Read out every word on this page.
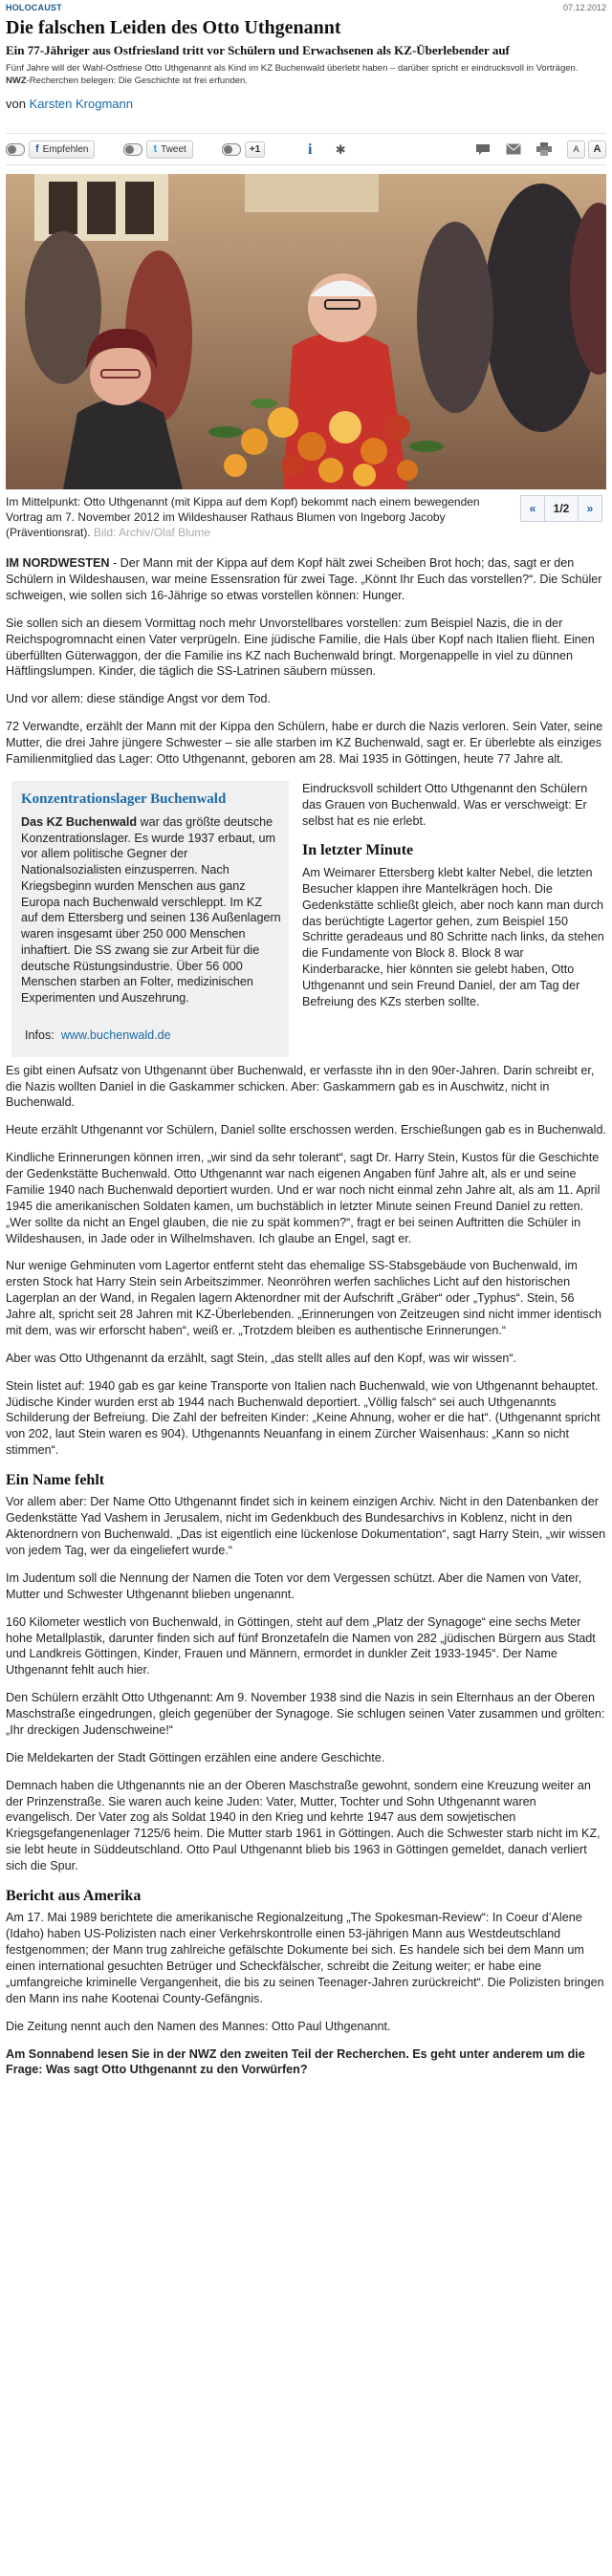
HOLOCAUST	07.12.2012
Die falschen Leiden des Otto Uthgenannt
Ein 77-Jähriger aus Ostfriesland tritt vor Schülern und Erwachsenen als KZ-Überlebender auf
Fünf Jahre will der Wahl-Ostfriese Otto Uthgenannt als Kind im KZ Buchenwald überlebt haben – darüber spricht er eindrucksvoll in Vorträgen.
NWZ-Recherchen belegen: Die Geschichte ist frei erfunden.
von Karsten Krogmann
f Empfehlen	t Tweet	+1	i	✱	A	A
Im Mittelpunkt: Otto Uthgenannt (mit Kippa auf dem Kopf) bekommt nach einem bewegenden Vortrag am 7. November 2012 im Wildeshauser Rathaus Blumen von Ingeborg Jacoby (Präventionsrat). Bild: Archiv/Olaf Blume
«	1/2	»

IM NORDWESTEN - Der Mann mit der Kippa auf dem Kopf hält zwei Scheiben Brot hoch; das, sagt er den Schülern in Wildeshausen, war meine Essensration für zwei Tage. „Könnt Ihr Euch das vorstellen?“. Die Schüler schweigen, wie sollen sich 16-Jährige so etwas vorstellen können: Hunger.

Sie sollen sich an diesem Vormittag noch mehr Unvorstellbares vorstellen: zum Beispiel Nazis, die in der Reichspogromnacht einen Vater verprügeln. Eine jüdische Familie, die Hals über Kopf nach Italien flieht. Einen überfüllten Güterwaggon, der die Familie ins KZ nach Buchenwald bringt. Morgenappelle in viel zu dünnen Häftlingslumpen. Kinder, die täglich die SS-Latrinen säubern müssen.

Und vor allem: diese ständige Angst vor dem Tod.

72 Verwandte, erzählt der Mann mit der Kippa den Schülern, habe er durch die Nazis verloren. Sein Vater, seine Mutter, die drei Jahre jüngere Schwester – sie alle starben im KZ Buchenwald, sagt er. Er überlebte als einziges Familienmitglied das Lager: Otto Uthgenannt, geboren am 28. Mai 1935 in Göttingen, heute 77 Jahre alt.

Konzentrationslager Buchenwald

Das KZ Buchenwald war das größte deutsche Konzentrationslager. Es wurde 1937 erbaut, um vor allem politische Gegner der Nationalsozialisten einzusperren. Nach Kriegsbeginn wurden Menschen aus ganz Europa nach Buchenwald verschleppt. Im KZ auf dem Ettersberg und seinen 136 Außenlagern waren insgesamt über 250 000 Menschen inhaftiert. Die SS zwang sie zur Arbeit für die deutsche Rüstungsindustrie. Über 56 000 Menschen starben an Folter, medizinischen Experimenten und Auszehrung.

Infos: www.buchenwald.de

Eindrucksvoll schildert Otto Uthgenannt den Schülern das Grauen von Buchenwald. Was er verschweigt: Er selbst hat es nie erlebt.

In letzter Minute

Am Weimarer Ettersberg klebt kalter Nebel, die letzten Besucher klappen ihre Mantelkrägen hoch. Die Gedenkstätte schließt gleich, aber noch kann man durch das berüchtigte Lagertor gehen, zum Beispiel 150 Schritte geradeaus und 80 Schritte nach links, da stehen die Fundamente von Block 8. Block 8 war Kinderbaracke, hier könnten sie gelebt haben, Otto Uthgenannt und sein Freund Daniel, der am Tag der Befreiung des KZs sterben sollte.

Es gibt einen Aufsatz von Uthgenannt über Buchenwald, er verfasste ihn in den 90er-Jahren. Darin schreibt er, die Nazis wollten Daniel in die Gaskammer schicken. Aber: Gaskammern gab es in Auschwitz, nicht in Buchenwald.

Heute erzählt Uthgenannt vor Schülern, Daniel sollte erschossen werden. Erschießungen gab es in Buchenwald.

Kindliche Erinnerungen können irren, „wir sind da sehr tolerant“, sagt Dr. Harry Stein, Kustos für die Geschichte der Gedenkstätte Buchenwald. Otto Uthgenannt war nach eigenen Angaben fünf Jahre alt, als er und seine Familie 1940 nach Buchenwald deportiert wurden. Und er war noch nicht einmal zehn Jahre alt, als am 11. April 1945 die amerikanischen Soldaten kamen, um buchstäblich in letzter Minute seinen Freund Daniel zu retten. „Wer sollte da nicht an Engel glauben, die nie zu spät kommen?“, fragt er bei seinen Auftritten die Schüler in Wildeshausen, in Jade oder in Wilhelmshaven. Ich glaube an Engel, sagt er.

Nur wenige Gehminuten vom Lagertor entfernt steht das ehemalige SS-Stabsgebäude von Buchenwald, im ersten Stock hat Harry Stein sein Arbeitszimmer. Neonröhren werfen sachliches Licht auf den historischen Lagerplan an der Wand, in Regalen lagern Aktenordner mit der Aufschrift „Gräber“ oder „Typhus“. Stein, 56 Jahre alt, spricht seit 28 Jahren mit KZ-Überlebenden. „Erinnerungen von Zeitzeugen sind nicht immer identisch mit dem, was wir erforscht haben“, weiß er. „Trotzdem bleiben es authentische Erinnerungen.“

Aber was Otto Uthgenannt da erzählt, sagt Stein, „das stellt alles auf den Kopf, was wir wissen“.

Stein listet auf: 1940 gab es gar keine Transporte von Italien nach Buchenwald, wie von Uthgenannt behauptet. Jüdische Kinder wurden erst ab 1944 nach Buchenwald deportiert. „Völlig falsch“ sei auch Uthgenannts Schilderung der Befreiung. Die Zahl der befreiten Kinder: „Keine Ahnung, woher er die hat“. (Uthgenannt spricht von 202, laut Stein waren es 904). Uthgenannts Neuanfang in einem Zürcher Waisenhaus: „Kann so nicht stimmen“.

Ein Name fehlt

Vor allem aber: Der Name Otto Uthgenannt findet sich in keinem einzigen Archiv. Nicht in den Datenbanken der Gedenkstätte Yad Vashem in Jerusalem, nicht im Gedenkbuch des Bundesarchivs in Koblenz, nicht in den Aktenordnern von Buchenwald. „Das ist eigentlich eine lückenlose Dokumentation“, sagt Harry Stein, „wir wissen von jedem Tag, wer da eingeliefert wurde.“

Im Judentum soll die Nennung der Namen die Toten vor dem Vergessen schützt. Aber die Namen von Vater, Mutter und Schwester Uthgenannt blieben ungenannt.

160 Kilometer westlich von Buchenwald, in Göttingen, steht auf dem „Platz der Synagoge“ eine sechs Meter hohe Metallplastik, darunter finden sich auf fünf Bronzetafeln die Namen von 282 „jüdischen Bürgern aus Stadt und Landkreis Göttingen, Kinder, Frauen und Männern, ermordet in dunkler Zeit 1933-1945“. Der Name Uthgenannt fehlt auch hier.

Den Schülern erzählt Otto Uthgenannt: Am 9. November 1938 sind die Nazis in sein Elternhaus an der Oberen Maschstraße eingedrungen, gleich gegenüber der Synagoge. Sie schlugen seinen Vater zusammen und grölten: „Ihr dreckigen Judenschweine!“

Die Meldekarten der Stadt Göttingen erzählen eine andere Geschichte.

Demnach haben die Uthgenannts nie an der Oberen Maschstraße gewohnt, sondern eine Kreuzung weiter an der Prinzenstraße. Sie waren auch keine Juden: Vater, Mutter, Tochter und Sohn Uthgenannt waren evangelisch. Der Vater zog als Soldat 1940 in den Krieg und kehrte 1947 aus dem sowjetischen Kriegsgefangenenlager 7125/6 heim. Die Mutter starb 1961 in Göttingen. Auch die Schwester starb nicht im KZ, sie lebt heute in Süddeutschland. Otto Paul Uthgenannt blieb bis 1963 in Göttingen gemeldet, danach verliert sich die Spur.

Bericht aus Amerika

Am 17. Mai 1989 berichtete die amerikanische Regionalzeitung „The Spokesman-Review“: In Coeur d’Alene (Idaho) haben US-Polizisten nach einer Verkehrskontrolle einen 53-jährigen Mann aus Westdeutschland festgenommen; der Mann trug zahlreiche gefälschte Dokumente bei sich. Es handele sich bei dem Mann um einen international gesuchten Betrüger und Scheckfälscher, schreibt die Zeitung weiter; er habe eine „umfangreiche kriminelle Vergangenheit, die bis zu seinen Teenager-Jahren zurückreicht“. Die Polizisten bringen den Mann ins nahe Kootenai County-Gefängnis.

Die Zeitung nennt auch den Namen des Mannes: Otto Paul Uthgenannt.

Am Sonnabend lesen Sie in der NWZ den zweiten Teil der Recherchen. Es geht unter anderem um die Frage: Was sagt Otto Uthgenannt zu den Vorwürfen?
